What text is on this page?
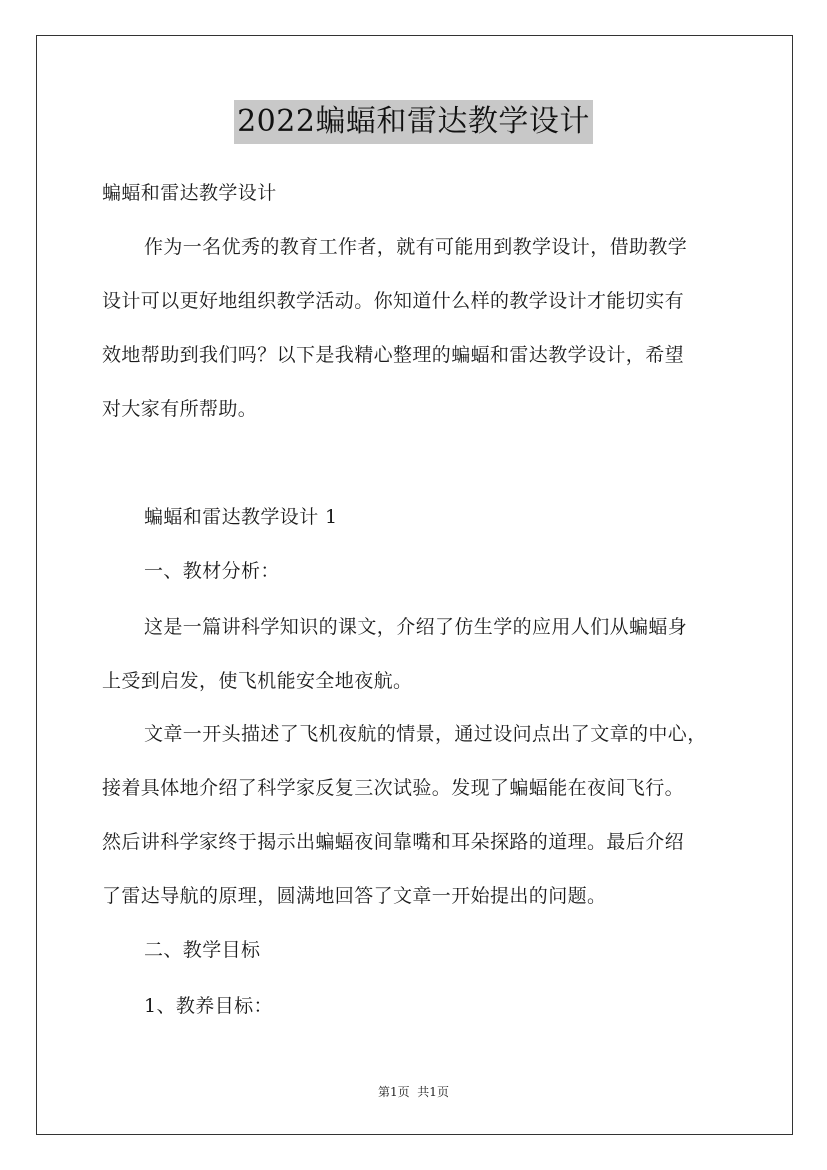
2022蝙蝠和雷达教学设计
蝙蝠和雷达教学设计
作为一名优秀的教育工作者，就有可能用到教学设计，借助教学
设计可以更好地组织教学活动。你知道什么样的教学设计才能切实有
效地帮助到我们吗？以下是我精心整理的蝙蝠和雷达教学设计，希望
对大家有所帮助。
蝙蝠和雷达教学设计 1
一、教材分析：
这是一篇讲科学知识的课文，介绍了仿生学的应用人们从蝙蝠身
上受到启发，使飞机能安全地夜航。
文章一开头描述了飞机夜航的情景，通过设问点出了文章的中心，
接着具体地介绍了科学家反复三次试验。发现了蝙蝠能在夜间飞行。
然后讲科学家终于揭示出蝙蝠夜间靠嘴和耳朵探路的道理。最后介绍
了雷达导航的原理，圆满地回答了文章一开始提出的问题。
二、教学目标
1、教养目标：
第1页  共1页
